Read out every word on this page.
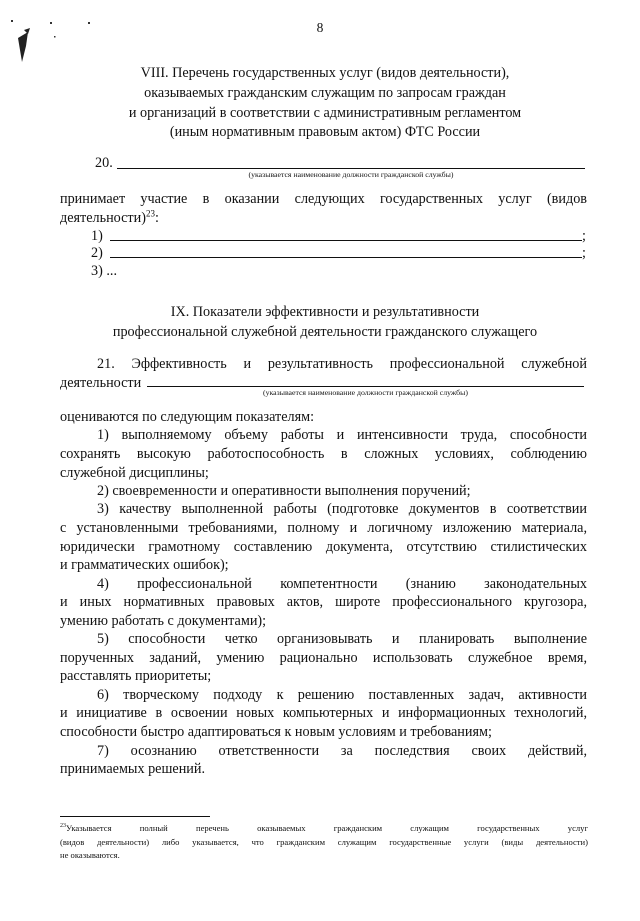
8
VIII. Перечень государственных услуг (видов деятельности),
оказываемых гражданским служащим по запросам граждан
и организаций в соответствии с административным регламентом
(иным нормативным правовым актом) ФТС России
20.
(указывается наименование должности гражданской службы)
принимает участие в оказании следующих государственных услуг (видов
деятельности)$^{23}$:
1)	;
2)	;
3) ...
IX. Показатели эффективности и результативности
профессиональной служебной деятельности гражданского служащего
21. Эффективность и результативность профессиональной служебной
деятельности
(указывается наименование должности гражданской службы)
оцениваются по следующим показателям:
1) выполняемому объему работы и интенсивности труда, способности
сохранять высокую работоспособность в сложных условиях, соблюдению
служебной дисциплины;
2) своевременности и оперативности выполнения поручений;
3) качеству выполненной работы (подготовке документов в соответствии
с установленными требованиями, полному и логичному изложению материала,
юридически грамотному составлению документа, отсутствию стилистических
и грамматических ошибок);
4) профессиональной компетентности (знанию законодательных
и иных нормативных правовых актов, широте профессионального кругозора,
умению работать с документами);
5) способности четко организовывать и планировать выполнение
порученных заданий, умению рационально использовать служебное время,
расставлять приоритеты;
6) творческому подходу к решению поставленных задач, активности
и инициативе в освоении новых компьютерных и информационных технологий,
способности быстро адаптироваться к новым условиям и требованиям;
7) осознанию ответственности за последствия своих действий,
принимаемых решений.
$^{23}$Указывается полный перечень оказываемых гражданским служащим государственных услуг
(видов деятельности) либо указывается, что гражданским служащим государственные услуги (виды деятельности)
не оказываются.
